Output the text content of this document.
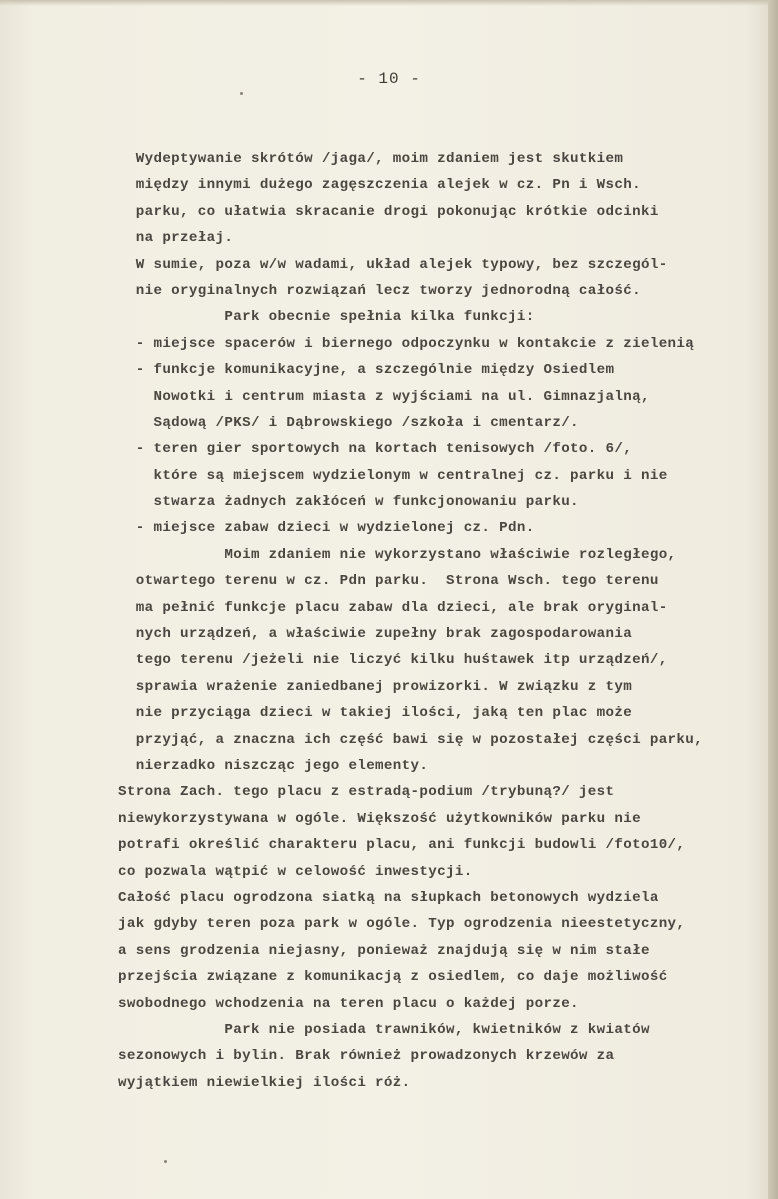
- 10 -
Wydeptywanie skrótów /jaga/, moim zdaniem jest skutkiem
między innymi dużego zagęszczenia alejek w cz. Pn i Wsch.
parku, co ułatwia skracanie drogi pokonując krótkie odcinki
na przełaj.
W sumie, poza w/w wadami, układ alejek typowy, bez szczegól-
nie oryginalnych rozwiązań lecz tworzy jednorodną całość.
Park obecnie spełnia kilka funkcji:
- miejsce spacerów i biernego odpoczynku w kontakcie z zielenią
- funkcje komunikacyjne, a szczególnie między Osiedlem
Nowotki i centrum miasta z wyjściami na ul. Gimnazjalną,
Sądową /PKS/ i Dąbrowskiego /szkoła i cmentarz/.
- teren gier sportowych na kortach tenisowych /foto. 6/,
które są miejscem wydzielonym w centralnej cz. parku i nie
stwarza żadnych zakłóceń w funkcjonowaniu parku.
- miejsce zabaw dzieci w wydzielonej cz. Pdn.
Moim zdaniem nie wykorzystano właściwie rozległego,
otwartego terenu w cz. Pdn parku.  Strona Wsch. tego terenu
ma pełnić funkcje placu zabaw dla dzieci, ale brak oryginal-
nych urządzeń, a właściwie zupełny brak zagospodarowania
tego terenu /jeżeli nie liczyć kilku huśtawek itp urządzeń/,
sprawia wrażenie zaniedbanej prowizorki. W związku z tym
nie przyciąga dzieci w takiej ilości, jaką ten plac może
przyjąć, a znaczna ich część bawi się w pozostałej części parku,
nierzadko niszcząc jego elementy.
Strona Zach. tego placu z estradą-podium /trybuną?/ jest
niewykorzystywana w ogóle. Większość użytkowników parku nie
potrafi określić charakteru placu, ani funkcji budowli /foto10/,
co pozwala wątpić w celowość inwestycji.
Całość placu ogrodzona siatką na słupkach betonowych wydziela
jak gdyby teren poza park w ogóle. Typ ogrodzenia nieestetyczny,
a sens grodzenia niejasny, ponieważ znajdują się w nim stałe
przejścia związane z komunikacją z osiedlem, co daje możliwość
swobodnego wchodzenia na teren placu o każdej porze.
Park nie posiada trawników, kwietników z kwiatów
sezonowych i bylin. Brak również prowadzonych krzewów za
wyjątkiem niewielkiej ilości róż.
